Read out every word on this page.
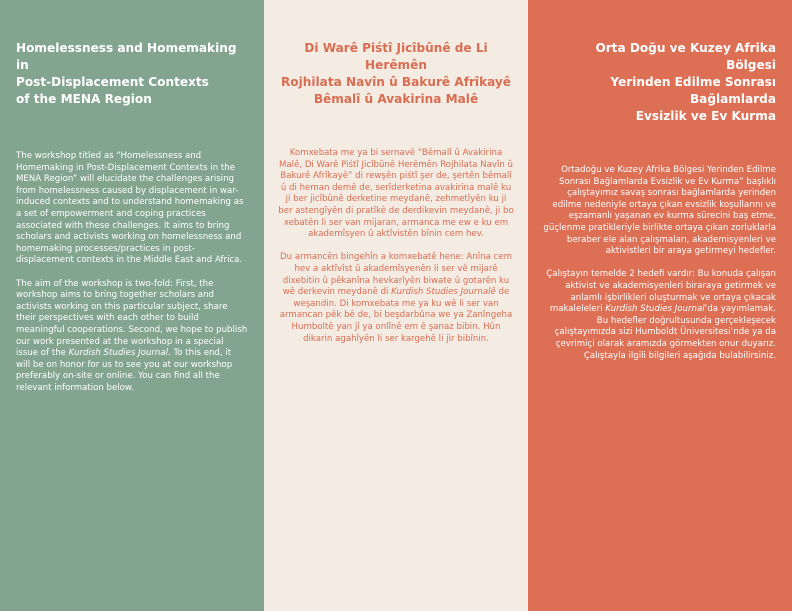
Homelessness and Homemaking in
Post-Displacement Contexts
of the MENA Region

The workshop titled as “Homelessness and Homemaking in Post-Displacement Contexts in the MENA Region” will elucidate the challenges arising from homelessness caused by displacement in war-induced contexts and to understand homemaking as a set of empowerment and coping practices associated with these challenges. It aims to bring scholars and activists working on homelessness and homemaking processes/practices in post-displacement contexts in the Middle East and Africa.

The aim of the workshop is two-fold: First, the workshop aims to bring together scholars and activists working on this particular subject, share their perspectives with each other to build meaningful cooperations. Second, we hope to publish our work presented at the workshop in a special issue of the Kurdish Studies Journal. To this end, it will be on honor for us to see you at our workshop preferably on-site or online. You can find all the relevant information below.

Di Warê Piśtî Jicîbûnê de Li Herêmên
Rojhilata Navîn û Bakurê Afrîkayê
Bêmalî û Avakirina Malê

Komxebata me ya bi sernavê “Bêmalî û Avakirina Malê, Di Warê Piśtî Jicîbûnê Herêmên Rojhilata Navîn û Bakurê Afrîkayê” di rewşên piśtî şer de, şertên bêmalî û di heman demê de, serîderketina avakirina malê ku ji ber jicîbûnê derketine meydanê, zehmetîyên ku ji ber astengîyên di pratîkê de derdikevin meydanê, ji bo xebatên li ser van mijaran, armanca me ew e ku em akademîsyen û aktîvistên bînin cem hev.

Du armancên bingehîn a komxebatê hene: Anîna cem hev a aktîvîst û akademîsyenên li ser vê mijarê dixebitin û pêkanîna hevkarîyên biwate û gotarên ku wê derkevin meydanê di Kurdish Studies Journalê de weşandin. Di komxebata me ya ku wê li ser van armancan pêk bê de, bi beşdarbûna we ya Zanîngeha Humboltê yan jî ya onlînê em ê şanaz bibin. Hûn dikarin agahîyên li ser kargehê li jìr bibînin.

Orta Doğu ve Kuzey Afrika Bölgesi
Yerinden Edilme Sonrası Bağlamlarda
Evsizlik ve Ev Kurma

Ortadoğu ve Kuzey Afrika Bölgesi Yerinden Edilme Sonrası Bağlamlarda Evsizlik ve Ev Kurma” başlıklı çalıştayımız savaş sonrası bağlamlarda yerinden edilme nedeniyle ortaya çıkan evsizlik koşullarını ve eşzamanlı yaşanan ev kurma sürecini baş etme, güçlenme pratikleriyle birlikte ortaya çıkan zorluklarla beraber ele alan çalışmaları, akademisyenleri ve aktivistleri bir araya getirmeyi hedefler.

Çalıştayın temelde 2 hedefi vardır: Bu konuda çalışan aktivist ve akademisyenleri biraraya getirmek ve anlamlı işbirlikleri oluşturmak ve ortaya çıkacak makaleleleri Kurdish Studies Journal’da yayımlamak. Bu hedefler doğrultusunda gerçekleşecek çalıştayımızda sizi Humboldt Üniversitesi’nde ya da çevrimiçi olarak aramızda görmekten onur duyarız. Çalıştayla ilgili bilgileri aşağıda bulabilirsiniz.
